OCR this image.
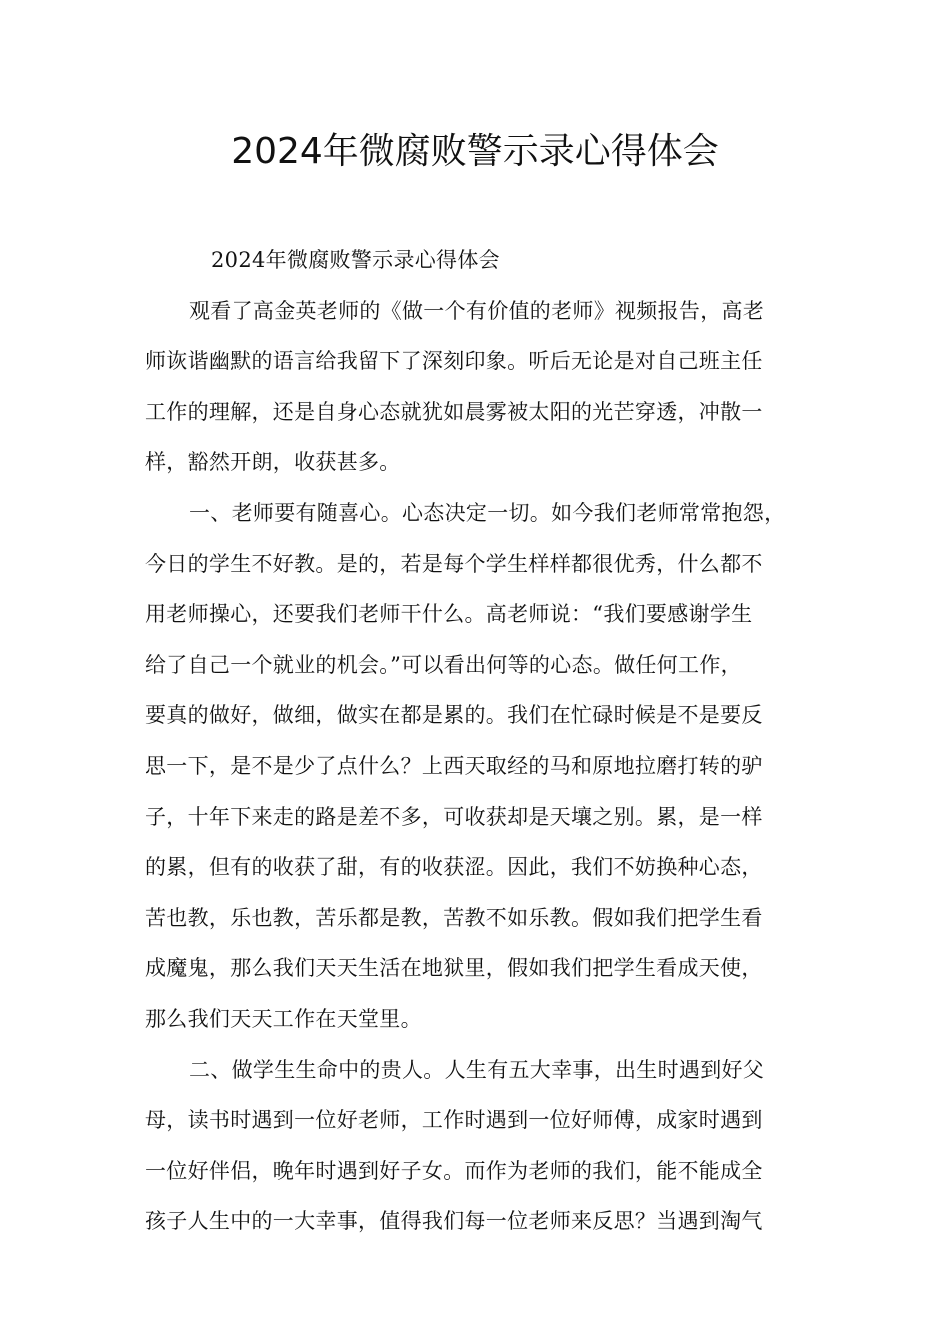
2024年微腐败警示录心得体会
2024年微腐败警示录心得体会
观看了高金英老师的《做一个有价值的老师》视频报告，高老
师诙谐幽默的语言给我留下了深刻印象。听后无论是对自己班主任
工作的理解，还是自身心态就犹如晨雾被太阳的光芒穿透，冲散一
样，豁然开朗，收获甚多。
一、老师要有随喜心。心态决定一切。如今我们老师常常抱怨，
今日的学生不好教。是的，若是每个学生样样都很优秀，什么都不
用老师操心，还要我们老师干什么。高老师说：“我们要感谢学生
给了自己一个就业的机会。”可以看出何等的心态。做任何工作，
要真的做好，做细，做实在都是累的。我们在忙碌时候是不是要反
思一下，是不是少了点什么？上西天取经的马和原地拉磨打转的驴
子，十年下来走的路是差不多，可收获却是天壤之别。累，是一样
的累，但有的收获了甜，有的收获涩。因此，我们不妨换种心态，
苦也教，乐也教，苦乐都是教，苦教不如乐教。假如我们把学生看
成魔鬼，那么我们天天生活在地狱里，假如我们把学生看成天使，
那么我们天天工作在天堂里。
二、做学生生命中的贵人。人生有五大幸事，出生时遇到好父
母，读书时遇到一位好老师，工作时遇到一位好师傅，成家时遇到
一位好伴侣，晚年时遇到好子女。而作为老师的我们，能不能成全
孩子人生中的一大幸事，值得我们每一位老师来反思？当遇到淘气
